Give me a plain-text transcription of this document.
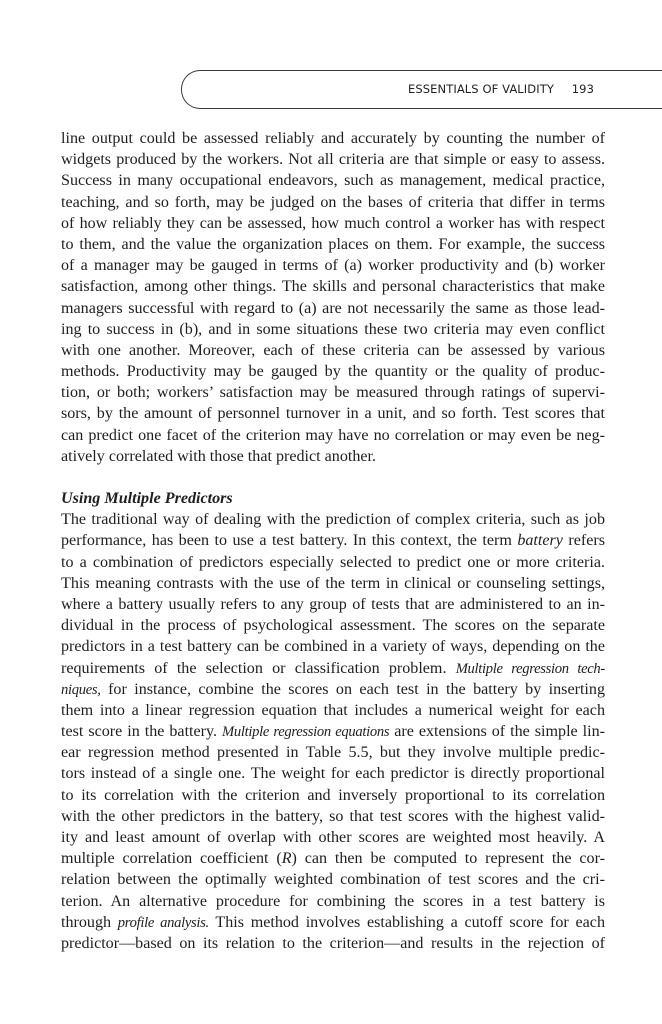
ESSENTIALS OF VALIDITY 193
line output could be assessed reliably and accurately by counting the number of
widgets produced by the workers. Not all criteria are that simple or easy to assess.
Success in many occupational endeavors, such as management, medical practice,
teaching, and so forth, may be judged on the bases of criteria that differ in terms
of how reliably they can be assessed, how much control a worker has with respect
to them, and the value the organization places on them. For example, the success
of a manager may be gauged in terms of (a) worker productivity and (b) worker
satisfaction, among other things. The skills and personal characteristics that make
managers successful with regard to (a) are not necessarily the same as those lead-
ing to success in (b), and in some situations these two criteria may even conflict
with one another. Moreover, each of these criteria can be assessed by various
methods. Productivity may be gauged by the quantity or the quality of produc-
tion, or both; workers’ satisfaction may be measured through ratings of supervi-
sors, by the amount of personnel turnover in a unit, and so forth. Test scores that
can predict one facet of the criterion may have no correlation or may even be neg-
atively correlated with those that predict another.
Using Multiple Predictors
The traditional way of dealing with the prediction of complex criteria, such as job
performance, has been to use a test battery. In this context, the term battery refers
to a combination of predictors especially selected to predict one or more criteria.
This meaning contrasts with the use of the term in clinical or counseling settings,
where a battery usually refers to any group of tests that are administered to an in-
dividual in the process of psychological assessment. The scores on the separate
predictors in a test battery can be combined in a variety of ways, depending on the
requirements of the selection or classification problem. Multiple regression tech-
niques, for instance, combine the scores on each test in the battery by inserting
them into a linear regression equation that includes a numerical weight for each
test score in the battery. Multiple regression equations are extensions of the simple lin-
ear regression method presented in Table 5.5, but they involve multiple predic-
tors instead of a single one. The weight for each predictor is directly proportional
to its correlation with the criterion and inversely proportional to its correlation
with the other predictors in the battery, so that test scores with the highest valid-
ity and least amount of overlap with other scores are weighted most heavily. A
multiple correlation coefficient (R) can then be computed to represent the cor-
relation between the optimally weighted combination of test scores and the cri-
terion. An alternative procedure for combining the scores in a test battery is
through profile analysis. This method involves establishing a cutoff score for each
predictor—based on its relation to the criterion—and results in the rejection of
